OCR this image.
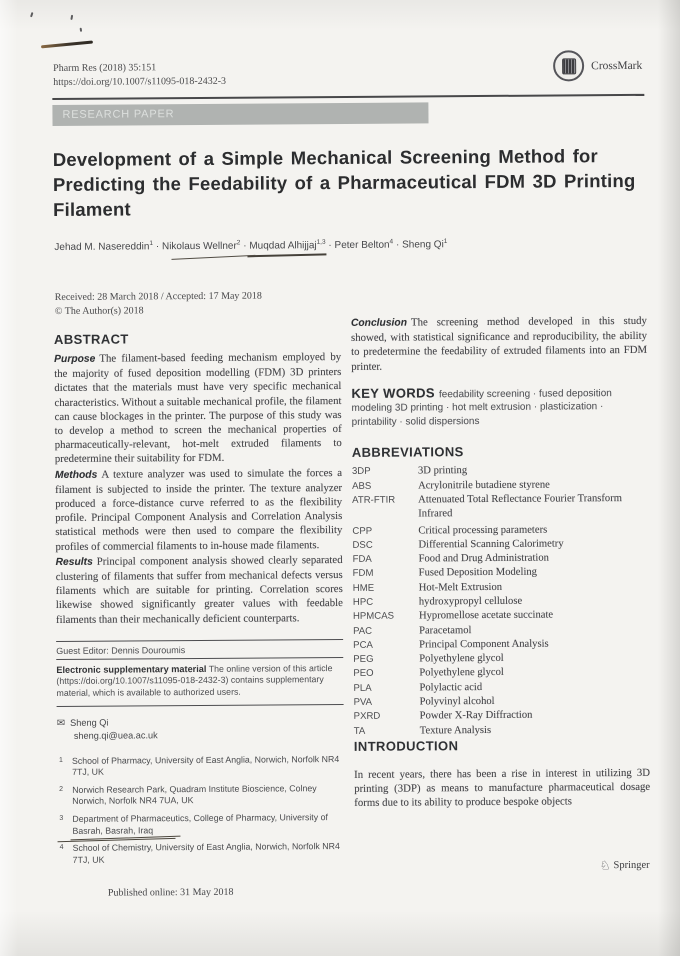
Pharm Res (2018) 35:151
https://doi.org/10.1007/s11095-018-2432-3
CrossMark
RESEARCH PAPER
Development of a Simple Mechanical Screening Method for Predicting the Feedability of a Pharmaceutical FDM 3D Printing Filament
Jehad M. Nasereddin$^1$ · Nikolaus Wellner$^2$ · Muqdad Alhijjaj$^{1,3}$ · Peter Belton$^4$ · Sheng Qi$^1$
Received: 28 March 2018 / Accepted: 17 May 2018
© The Author(s) 2018
ABSTRACT

Purpose The filament-based feeding mechanism employed by the majority of fused deposition modelling (FDM) 3D printers dictates that the materials must have very specific mechanical characteristics. Without a suitable mechanical profile, the filament can cause blockages in the printer. The purpose of this study was to develop a method to screen the mechanical properties of pharmaceutically-relevant, hot-melt extruded filaments to predetermine their suitability for FDM.

Methods A texture analyzer was used to simulate the forces a filament is subjected to inside the printer. The texture analyzer produced a force-distance curve referred to as the flexibility profile. Principal Component Analysis and Correlation Analysis statistical methods were then used to compare the flexibility profiles of commercial filaments to in-house made filaments.

Results Principal component analysis showed clearly separated clustering of filaments that suffer from mechanical defects versus filaments which are suitable for printing. Correlation scores likewise showed significantly greater values with feedable filaments than their mechanically deficient counterparts.

Guest Editor: Dennis Douroumis
Electronic supplementary material The online version of this article (https://doi.org/10.1007/s11095-018-2432-3) contains supplementary material, which is available to authorized users.
✉ Sheng Qi
sheng.qi@uea.ac.uk
1 School of Pharmacy, University of East Anglia, Norwich, Norfolk NR4 7TJ, UK
2 Norwich Research Park, Quadram Institute Bioscience, Colney Norwich, Norfolk NR4 7UA, UK
3 Department of Pharmaceutics, College of Pharmacy, University of Basrah, Basrah, Iraq
4 School of Chemistry, University of East Anglia, Norwich, Norfolk NR4 7TJ, UK

Conclusion The screening method developed in this study showed, with statistical significance and reproducibility, the ability to predetermine the feedability of extruded filaments into an FDM printer.

KEY WORDS feedability screening · fused deposition modeling 3D printing · hot melt extrusion · plasticization · printability · solid dispersions
ABBREVIATIONS
3DP	3D printing
ABS	Acrylonitrile butadiene styrene
ATR-FTIR	Attenuated Total Reflectance Fourier Transform Infrared
CPP	Critical processing parameters
DSC	Differential Scanning Calorimetry
FDA	Food and Drug Administration
FDM	Fused Deposition Modeling
HME	Hot-Melt Extrusion
HPC	hydroxypropyl cellulose
HPMCAS	Hypromellose acetate succinate
PAC	Paracetamol
PCA	Principal Component Analysis
PEG	Polyethylene glycol
PEO	Polyethylene glycol
PLA	Polylactic acid
PVA	Polyvinyl alcohol
PXRD	Powder X-Ray Diffraction
TA	Texture Analysis
INTRODUCTION

In recent years, there has been a rise in interest in utilizing 3D printing (3DP) as means to manufacture pharmaceutical dosage forms due to its ability to produce bespoke objects

Published online: 31 May 2018
♘ Springer
